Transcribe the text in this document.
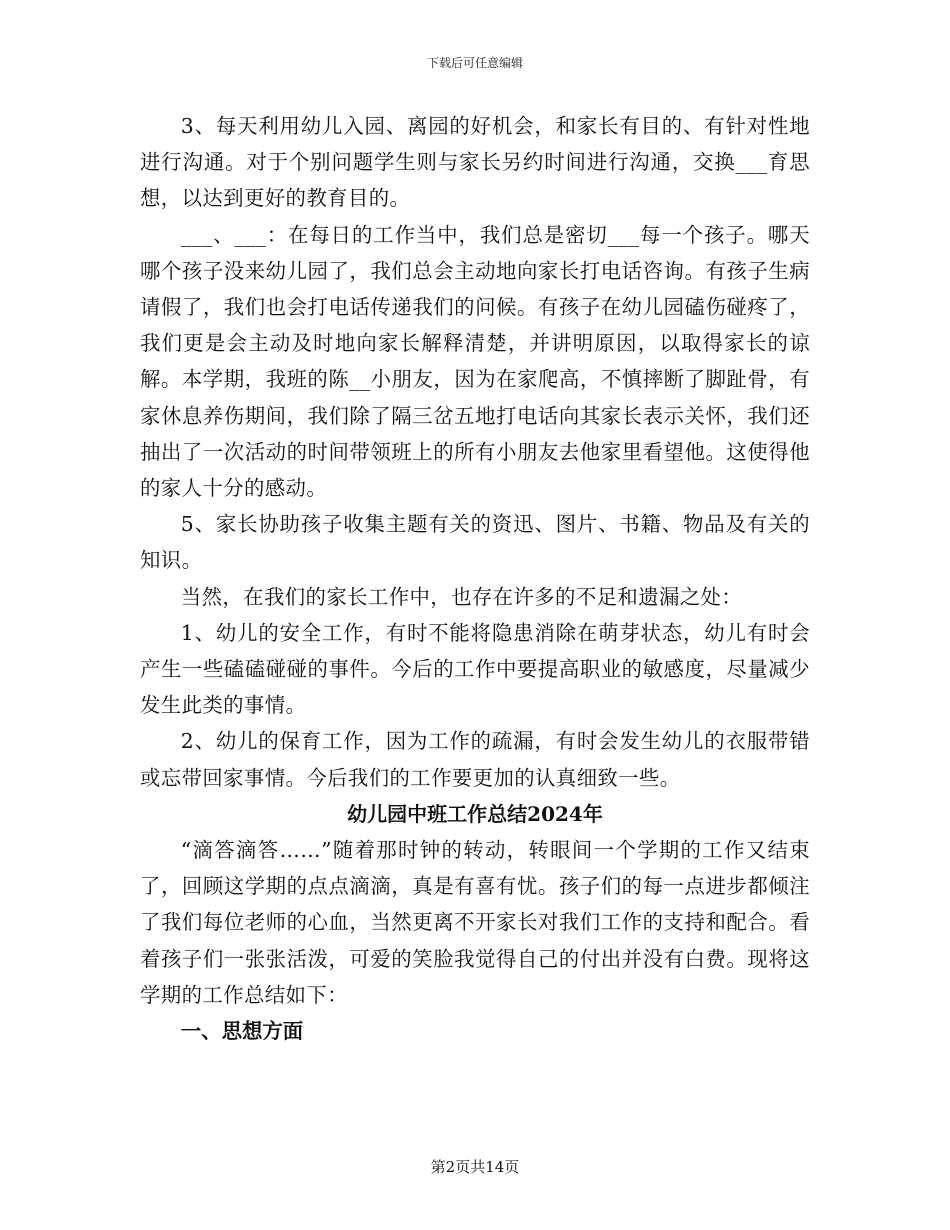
下载后可任意编辑

3、每天利用幼儿入园、离园的好机会，和家长有目的、有针对性地进行沟通。对于个别问题学生则与家长另约时间进行沟通，交换___育思想，以达到更好的教育目的。

___、___：在每日的工作当中，我们总是密切___每一个孩子。哪天哪个孩子没来幼儿园了，我们总会主动地向家长打电话咨询。有孩子生病请假了，我们也会打电话传递我们的问候。有孩子在幼儿园磕伤碰疼了，我们更是会主动及时地向家长解释清楚，并讲明原因，以取得家长的谅解。本学期，我班的陈__小朋友，因为在家爬高，不慎摔断了脚趾骨，有家休息养伤期间，我们除了隔三岔五地打电话向其家长表示关怀，我们还抽出了一次活动的时间带领班上的所有小朋友去他家里看望他。这使得他的家人十分的感动。

5、家长协助孩子收集主题有关的资迅、图片、书籍、物品及有关的知识。

当然，在我们的家长工作中，也存在许多的不足和遗漏之处：

1、幼儿的安全工作，有时不能将隐患消除在萌芽状态，幼儿有时会产生一些磕磕碰碰的事件。今后的工作中要提高职业的敏感度，尽量减少发生此类的事情。

2、幼儿的保育工作，因为工作的疏漏，有时会发生幼儿的衣服带错或忘带回家事情。今后我们的工作要更加的认真细致一些。

幼儿园中班工作总结2024年

“滴答滴答……”随着那时钟的转动，转眼间一个学期的工作又结束了，回顾这学期的点点滴滴，真是有喜有忧。孩子们的每一点进步都倾注了我们每位老师的心血，当然更离不开家长对我们工作的支持和配合。看着孩子们一张张活泼，可爱的笑脸我觉得自己的付出并没有白费。现将这学期的工作总结如下：

一、思想方面

第2页共14页
